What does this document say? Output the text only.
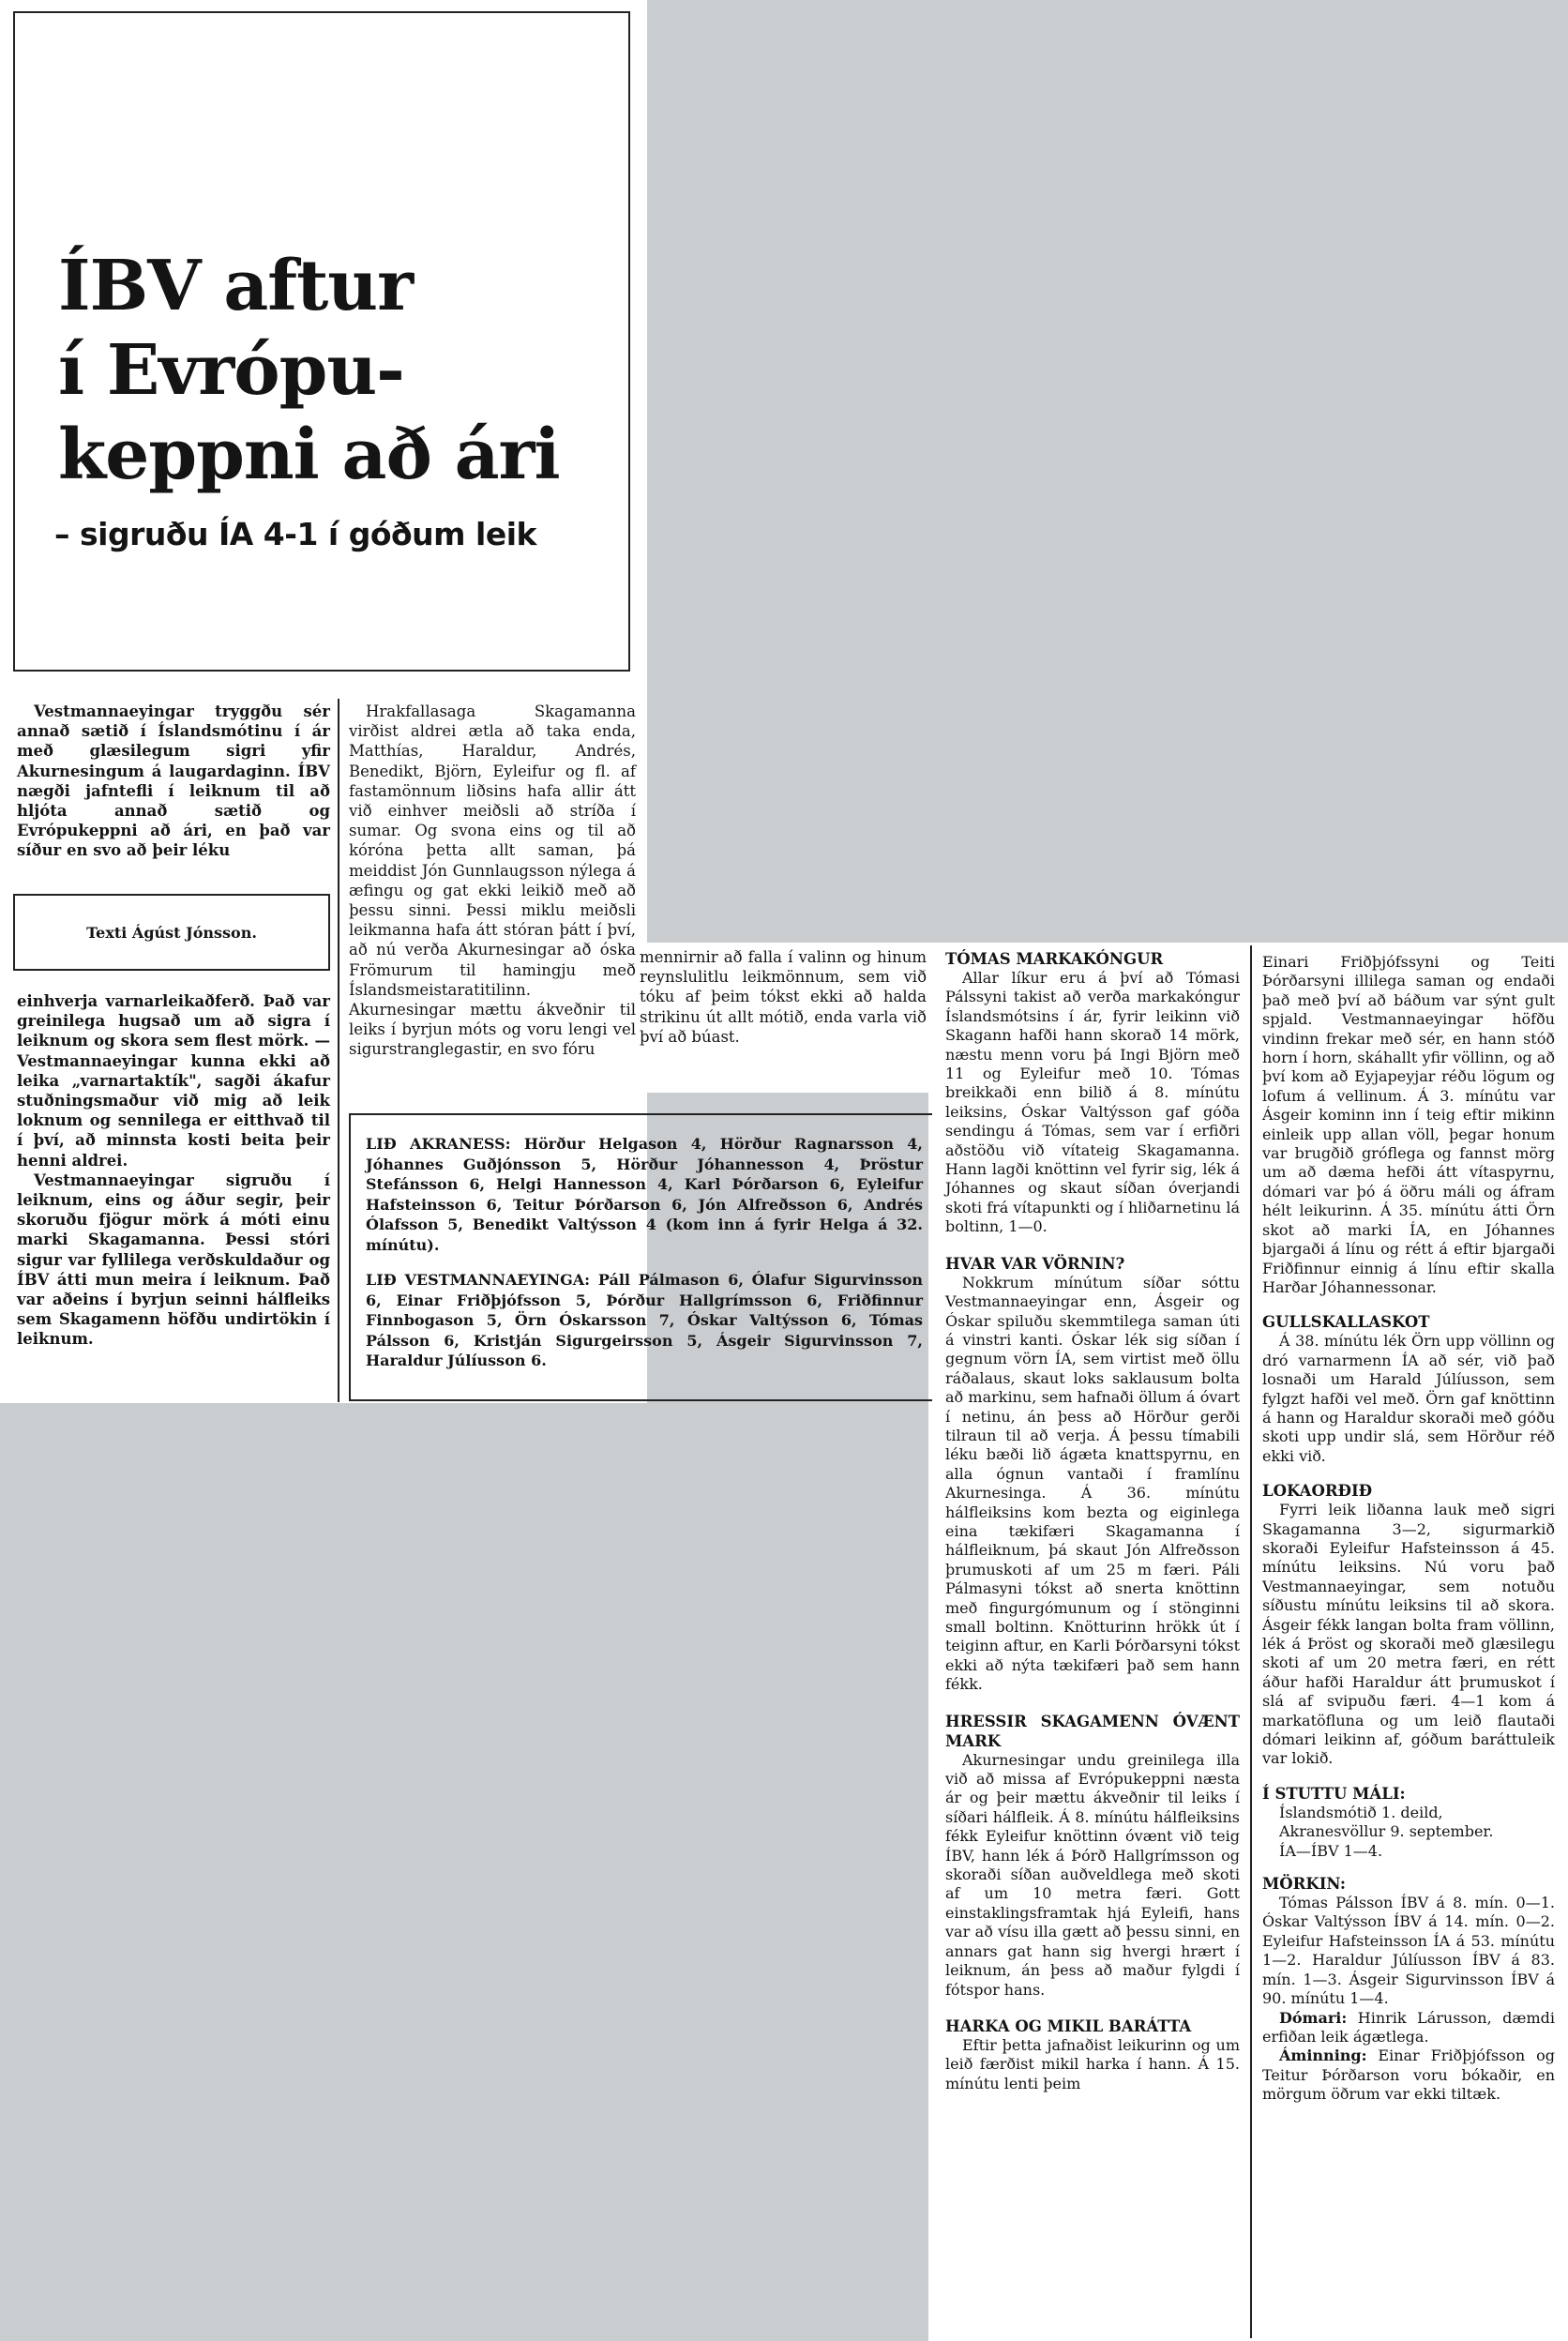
ÍBV aftur
í Evrópu-
keppni að ári
– sigruðu ÍA 4-1 í góðum leik

Vestmannaeyingar tryggðu sér annað sætið í Íslandsmótinu í ár með glæsilegum sigri yfir Akurnesingum á laugardaginn. ÍBV nægði jafntefli í leiknum til að hljóta annað sætið og Evrópukeppni að ári, en það var síður en svo að þeir léku

Texti Ágúst Jónsson.

einhverja varnarleikaðferð. Það var greinilega hugsað um að sigra í leiknum og skora sem flest mörk. — Vestmannaeyingar kunna ekki að leika „varnartaktík", sagði ákafur stuðningsmaður við mig að leik loknum og sennilega er eitthvað til í því, að minnsta kosti beita þeir henni aldrei.

Vestmannaeyingar sigruðu í leiknum, eins og áður segir, þeir skoruðu fjögur mörk á móti einu marki Skagamanna. Þessi stóri sigur var fyllilega verðskuldaður og ÍBV átti mun meira í leiknum. Það var aðeins í byrjun seinni hálfleiks sem Skagamenn höfðu undirtökin í leiknum.

Hrakfallasaga Skagamanna virðist aldrei ætla að taka enda, Matthías, Haraldur, Andrés, Benedikt, Björn, Eyleifur og fl. af fastamönnum liðsins hafa allir átt við einhver meiðsli að stríða í sumar. Og svona eins og til að kóróna þetta allt saman, þá meiddist Jón Gunnlaugsson nýlega á æfingu og gat ekki leikið með að þessu sinni. Þessi miklu meiðsli leikmanna hafa átt stóran þátt í því, að nú verða Akurnesingar að óska Frömurum til hamingju með Íslandsmeistaratitilinn. Akurnesingar mættu ákveðnir til leiks í byrjun móts og voru lengi vel sigurstranglegastir, en svo fóru

mennirnir að falla í valinn og hinum reynslulitlu leikmönnum, sem við tóku af þeim tókst ekki að halda strikinu út allt mótið, enda varla við því að búast.

LIÐ AKRANESS: Hörður Helgason 4, Hörður Ragnarsson 4, Jóhannes Guðjónsson 5, Hörður Jóhannesson 4, Þröstur Stefánsson 6, Helgi Hannesson 4, Karl Þórðarson 6, Eyleifur Hafsteinsson 6, Teitur Þórðarson 6, Jón Alfreðsson 6, Andrés Ólafsson 5, Benedikt Valtýsson 4 (kom inn á fyrir Helga á 32. mínútu).

LIÐ VESTMANNAEYINGA: Páll Pálmason 6, Ólafur Sigurvinsson 6, Einar Friðþjófsson 5, Þórður Hallgrímsson 6, Friðfinnur Finnbogason 5, Örn Óskarsson 7, Óskar Valtýsson 6, Tómas Pálsson 6, Kristján Sigurgeirsson 5, Ásgeir Sigurvinsson 7, Haraldur Júlíusson 6.

TÓMAS MARKAKÓNGUR

Allar líkur eru á því að Tómasi Pálssyni takist að verða markakóngur Íslandsmótsins í ár, fyrir leikinn við Skagann hafði hann skorað 14 mörk, næstu menn voru þá Ingi Björn með 11 og Eyleifur með 10. Tómas breikkaði enn bilið á 8. mínútu leiksins, Óskar Valtýsson gaf góða sendingu á Tómas, sem var í erfiðri aðstöðu við vítateig Skagamanna. Hann lagði knöttinn vel fyrir sig, lék á Jóhannes og skaut síðan óverjandi skoti frá vítapunkti og í hliðarnetinu lá boltinn, 1—0.

HVAR VAR VÖRNIN?

Nokkrum mínútum síðar sóttu Vestmannaeyingar enn, Ásgeir og Óskar spiluðu skemmtilega saman úti á vinstri kanti. Óskar lék sig síðan í gegnum vörn ÍA, sem virtist með öllu ráðalaus, skaut loks saklausum bolta að markinu, sem hafnaði öllum á óvart í netinu, án þess að Hörður gerði tilraun til að verja. Á þessu tímabili léku bæði lið ágæta knattspyrnu, en alla ógnun vantaði í framlínu Akurnesinga. Á 36. mínútu hálfleiksins kom bezta og eiginlega eina tækifæri Skagamanna í hálfleiknum, þá skaut Jón Alfreðsson þrumuskoti af um 25 m færi. Páli Pálmasyni tókst að snerta knöttinn með fingurgómunum og í stönginni small boltinn. Knötturinn hrökk út í teiginn aftur, en Karli Þórðarsyni tókst ekki að nýta tækifæri það sem hann fékk.

HRESSIR SKAGAMENN ÓVÆNT MARK

Akurnesingar undu greinilega illa við að missa af Evrópukeppni næsta ár og þeir mættu ákveðnir til leiks í síðari hálfleik. Á 8. mínútu hálfleiksins fékk Eyleifur knöttinn óvænt við teig ÍBV, hann lék á Þórð Hallgrímsson og skoraði síðan auðveldlega með skoti af um 10 metra færi. Gott einstaklingsframtak hjá Eyleifi, hans var að vísu illa gætt að þessu sinni, en annars gat hann sig hvergi hrært í leiknum, án þess að maður fylgdi í fótspor hans.

HARKA OG MIKIL BARÁTTA

Eftir þetta jafnaðist leikurinn og um leið færðist mikil harka í hann. Á 15. mínútu lenti þeim

Einari Friðþjófssyni og Teiti Þórðarsyni illilega saman og endaði það með því að báðum var sýnt gult spjald. Vestmannaeyingar höfðu vindinn frekar með sér, en hann stóð horn í horn, skáhallt yfir völlinn, og að því kom að Eyjapeyjar réðu lögum og lofum á vellinum. Á 3. mínútu var Ásgeir kominn inn í teig eftir mikinn einleik upp allan völl, þegar honum var brugðið gróflega og fannst mörg um að dæma hefði átt vítaspyrnu, dómari var þó á öðru máli og áfram hélt leikurinn. Á 35. mínútu átti Örn skot að marki ÍA, en Jóhannes bjargaði á línu og rétt á eftir bjargaði Friðfinnur einnig á línu eftir skalla Harðar Jóhannessonar.

GULLSKALLASKOT

Á 38. mínútu lék Örn upp völlinn og dró varnarmenn ÍA að sér, við það losnaði um Harald Júlíusson, sem fylgzt hafði vel með. Örn gaf knöttinn á hann og Haraldur skoraði með góðu skoti upp undir slá, sem Hörður réð ekki við.

LOKAORÐIÐ

Fyrri leik liðanna lauk með sigri Skagamanna 3—2, sigurmarkið skoraði Eyleifur Hafsteinsson á 45. mínútu leiksins. Nú voru það Vestmannaeyingar, sem notuðu síðustu mínútu leiksins til að skora. Ásgeir fékk langan bolta fram völlinn, lék á Þröst og skoraði með glæsilegu skoti af um 20 metra færi, en rétt áður hafði Haraldur átt þrumuskot í slá af svipuðu færi. 4—1 kom á markatöfluna og um leið flautaði dómari leikinn af, góðum baráttuleik var lokið.

Í STUTTU MÁLI:

Íslandsmótið 1. deild,

Akranesvöllur 9. september.

ÍA—ÍBV 1—4.

MÖRKIN:

Tómas Pálsson ÍBV á 8. mín. 0—1. Óskar Valtýsson ÍBV á 14. mín. 0—2. Eyleifur Hafsteinsson ÍA á 53. mínútu 1—2. Haraldur Júlíusson ÍBV á 83. mín. 1—3. Ásgeir Sigurvinsson ÍBV á 90. mínútu 1—4.

Dómari: Hinrik Lárusson, dæmdi erfiðan leik ágætlega.

Áminning: Einar Friðþjófsson og Teitur Þórðarson voru bókaðir, en mörgum öðrum var ekki tiltæk.
